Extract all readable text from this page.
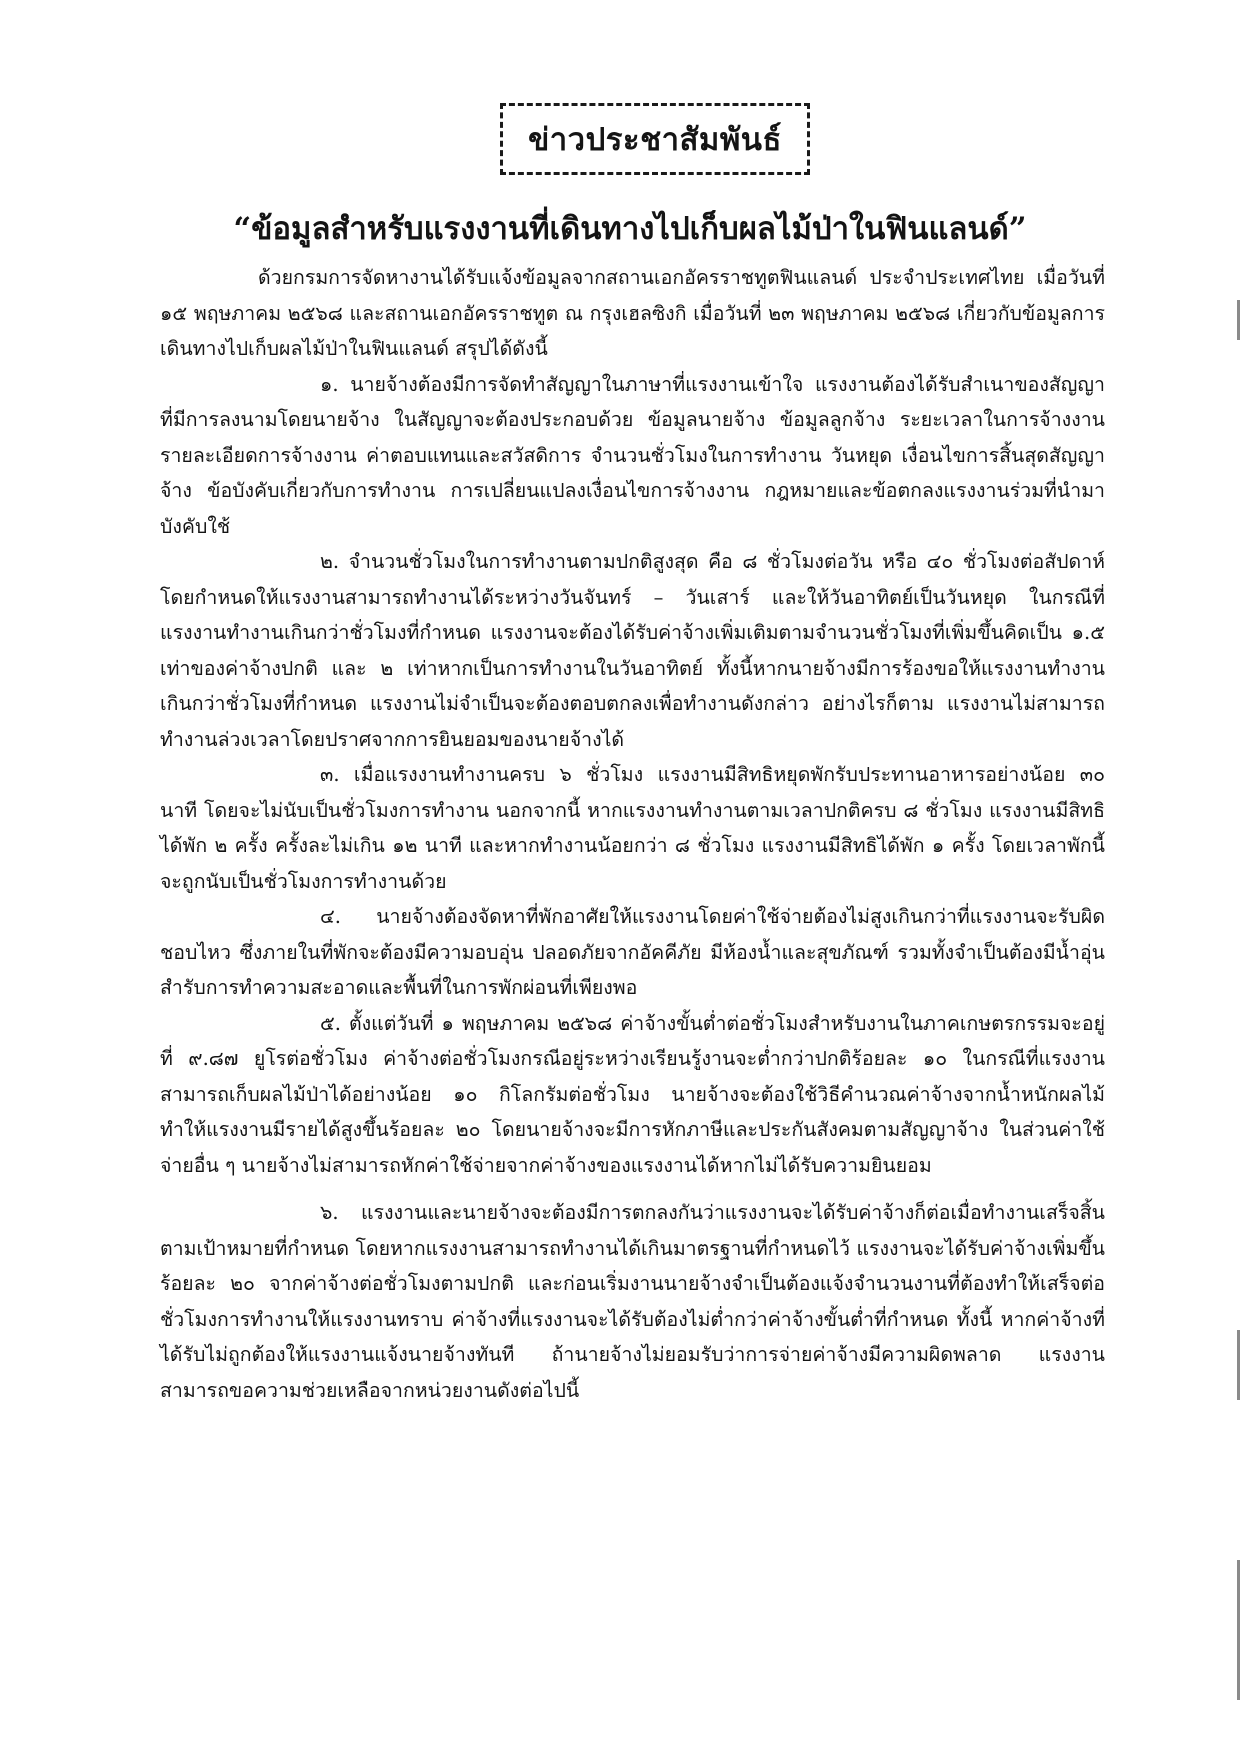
ข่าวประชาสัมพันธ์
“ข้อมูลสำหรับแรงงานที่เดินทางไปเก็บผลไม้ป่าในฟินแลนด์”

ด้วยกรมการจัดหางานได้รับแจ้งข้อมูลจากสถานเอกอัครราชทูตฟินแลนด์ ประจำประเทศไทย เมื่อวันที่ ๑๕ พฤษภาคม ๒๕๖๘ และสถานเอกอัครราชทูต ณ กรุงเฮลซิงกิ เมื่อวันที่ ๒๓ พฤษภาคม ๒๕๖๘ เกี่ยวกับข้อมูลการเดินทางไปเก็บผลไม้ป่าในฟินแลนด์ สรุปได้ดังนี้

๑. นายจ้างต้องมีการจัดทำสัญญาในภาษาที่แรงงานเข้าใจ แรงงานต้องได้รับสำเนาของสัญญาที่มีการลงนามโดยนายจ้าง ในสัญญาจะต้องประกอบด้วย ข้อมูลนายจ้าง ข้อมูลลูกจ้าง ระยะเวลาในการจ้างงาน รายละเอียดการจ้างงาน ค่าตอบแทนและสวัสดิการ จำนวนชั่วโมงในการทำงาน วันหยุด เงื่อนไขการสิ้นสุดสัญญาจ้าง ข้อบังคับเกี่ยวกับการทำงาน การเปลี่ยนแปลงเงื่อนไขการจ้างงาน กฎหมายและข้อตกลงแรงงานร่วมที่นำมาบังคับใช้

๒. จำนวนชั่วโมงในการทำงานตามปกติสูงสุด คือ ๘ ชั่วโมงต่อวัน หรือ ๔๐ ชั่วโมงต่อสัปดาห์ โดยกำหนดให้แรงงานสามารถทำงานได้ระหว่างวันจันทร์ – วันเสาร์ และให้วันอาทิตย์เป็นวันหยุด ในกรณีที่แรงงานทำงานเกินกว่าชั่วโมงที่กำหนด แรงงานจะต้องได้รับค่าจ้างเพิ่มเติมตามจำนวนชั่วโมงที่เพิ่มขึ้นคิดเป็น ๑.๕ เท่าของค่าจ้างปกติ และ ๒ เท่าหากเป็นการทำงานในวันอาทิตย์ ทั้งนี้หากนายจ้างมีการร้องขอให้แรงงานทำงานเกินกว่าชั่วโมงที่กำหนด แรงงานไม่จำเป็นจะต้องตอบตกลงเพื่อทำงานดังกล่าว อย่างไรก็ตาม แรงงานไม่สามารถทำงานล่วงเวลาโดยปราศจากการยินยอมของนายจ้างได้

๓. เมื่อแรงงานทำงานครบ ๖ ชั่วโมง แรงงานมีสิทธิหยุดพักรับประทานอาหารอย่างน้อย ๓๐ นาที โดยจะไม่นับเป็นชั่วโมงการทำงาน นอกจากนี้ หากแรงงานทำงานตามเวลาปกติครบ ๘ ชั่วโมง แรงงานมีสิทธิได้พัก ๒ ครั้ง ครั้งละไม่เกิน ๑๒ นาที และหากทำงานน้อยกว่า ๘ ชั่วโมง แรงงานมีสิทธิได้พัก ๑ ครั้ง โดยเวลาพักนี้จะถูกนับเป็นชั่วโมงการทำงานด้วย

๔. นายจ้างต้องจัดหาที่พักอาศัยให้แรงงานโดยค่าใช้จ่ายต้องไม่สูงเกินกว่าที่แรงงานจะรับผิดชอบไหว ซึ่งภายในที่พักจะต้องมีความอบอุ่น ปลอดภัยจากอัคคีภัย มีห้องน้ำและสุขภัณฑ์ รวมทั้งจำเป็นต้องมีน้ำอุ่นสำรับการทำความสะอาดและพื้นที่ในการพักผ่อนที่เพียงพอ

๕. ตั้งแต่วันที่ ๑ พฤษภาคม ๒๕๖๘ ค่าจ้างขั้นต่ำต่อชั่วโมงสำหรับงานในภาคเกษตรกรรมจะอยู่ที่ ๙.๘๗ ยูโรต่อชั่วโมง ค่าจ้างต่อชั่วโมงกรณีอยู่ระหว่างเรียนรู้งานจะต่ำกว่าปกติร้อยละ ๑๐ ในกรณีที่แรงงานสามารถเก็บผลไม้ป่าได้อย่างน้อย ๑๐ กิโลกรัมต่อชั่วโมง นายจ้างจะต้องใช้วิธีคำนวณค่าจ้างจากน้ำหนักผลไม้ทำให้แรงงานมีรายได้สูงขึ้นร้อยละ ๒๐ โดยนายจ้างจะมีการหักภาษีและประกันสังคมตามสัญญาจ้าง ในส่วนค่าใช้จ่ายอื่น ๆ นายจ้างไม่สามารถหักค่าใช้จ่ายจากค่าจ้างของแรงงานได้หากไม่ได้รับความยินยอม

๖. แรงงานและนายจ้างจะต้องมีการตกลงกันว่าแรงงานจะได้รับค่าจ้างก็ต่อเมื่อทำงานเสร็จสิ้นตามเป้าหมายที่กำหนด โดยหากแรงงานสามารถทำงานได้เกินมาตรฐานที่กำหนดไว้ แรงงานจะได้รับค่าจ้างเพิ่มขึ้นร้อยละ ๒๐ จากค่าจ้างต่อชั่วโมงตามปกติ และก่อนเริ่มงานนายจ้างจำเป็นต้องแจ้งจำนวนงานที่ต้องทำให้เสร็จต่อชั่วโมงการทำงานให้แรงงานทราบ ค่าจ้างที่แรงงานจะได้รับต้องไม่ต่ำกว่าค่าจ้างขั้นต่ำที่กำหนด ทั้งนี้ หากค่าจ้างที่ได้รับไม่ถูกต้องให้แรงงานแจ้งนายจ้างทันที ถ้านายจ้างไม่ยอมรับว่าการจ่ายค่าจ้างมีความผิดพลาด แรงงานสามารถขอความช่วยเหลือจากหน่วยงานดังต่อไปนี้
